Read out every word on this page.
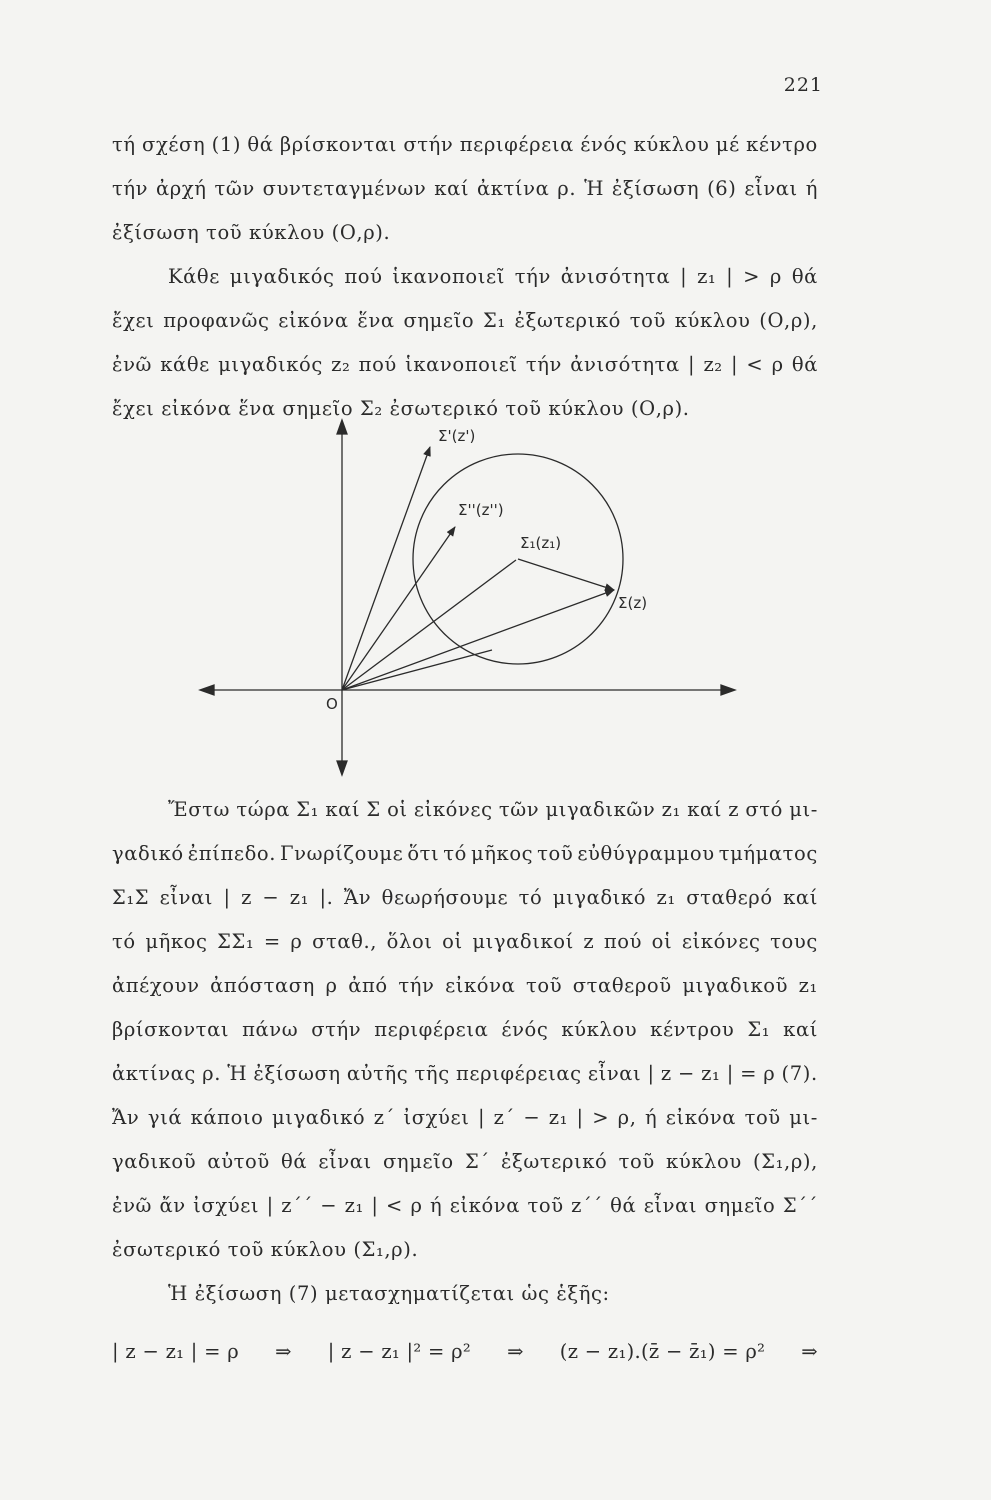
221
τή σχέση (1) θά βρίσκονται στήν περιφέρεια ένός κύκλου μέ κέντρο
τήν ἀρχή τῶν συντεταγμένων καί ἀκτίνα ρ. Ἡ ἐξίσωση (6) εἶναι ή
ἐξίσωση τοῦ κύκλου (Ο,ρ).
Κάθε μιγαδικός πού ἱκανοποιεῖ τήν ἀνισότητα | z₁ | > ρ θά
ἔχει προφανῶς εἰκόνα ἕνα σημεῖο Σ₁ ἐξωτερικό τοῦ κύκλου (Ο,ρ),
ἐνῶ κάθε μιγαδικός z₂ πού ἱκανοποιεῖ τήν ἀνισότητα | z₂ | < ρ θά
ἔχει εἰκόνα ἕνα σημεῖο Σ₂ ἐσωτερικό τοῦ κύκλου (Ο,ρ).
O
Σ'(z')
Σ''(z'')
Σ₁(z₁)
Σ(z)
Ἔστω τώρα Σ₁ καί Σ οἱ εἰκόνες τῶν μιγαδικῶν z₁ καί z στό μι-
γαδικό ἐπίπεδο. Γνωρίζουμε ὅτι τό μῆκος τοῦ εὐθύγραμμου τμήματος
Σ₁Σ εἶναι | z − z₁ |. Ἄν θεωρήσουμε τό μιγαδικό z₁ σταθερό καί
τό μῆκος ΣΣ₁ = ρ σταθ., ὅλοι οἱ μιγαδικοί z πού οἱ εἰκόνες τους
ἀπέχουν ἀπόσταση ρ ἀπό τήν εἰκόνα τοῦ σταθεροῦ μιγαδικοῦ z₁
βρίσκονται πάνω στήν περιφέρεια ένός κύκλου κέντρου Σ₁ καί
ἀκτίνας ρ. Ἡ ἐξίσωση αὐτῆς τῆς περιφέρειας εἶναι | z − z₁ | = ρ (7).
Ἄν γιά κάποιο μιγαδικό z΄ ἰσχύει | z΄ − z₁ | > ρ, ή εἰκόνα τοῦ μι-
γαδικοῦ αὐτοῦ θά εἶναι σημεῖο Σ΄ ἐξωτερικό τοῦ κύκλου (Σ₁,ρ),
ἐνῶ ἄν ἰσχύει | z΄΄ − z₁ | < ρ ή εἰκόνα τοῦ z΄΄ θά εἶναι σημεῖο Σ΄΄
ἐσωτερικό τοῦ κύκλου (Σ₁,ρ).
Ἡ ἐξίσωση (7) μετασχηματίζεται ὡς ἑξῆς:
| z − z₁ | = ρ ⇒ | z − z₁ |² = ρ² ⇒ (z − z₁).(z̄ − z̄₁) = ρ² ⇒
